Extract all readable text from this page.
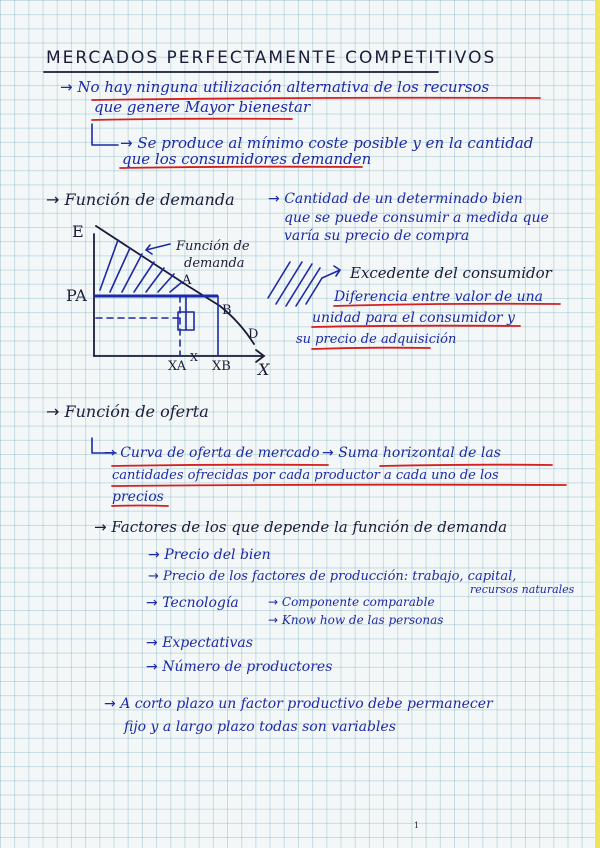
MERCADOS PERFECTAMENTE COMPETITIVOS
→ No hay ninguna utilización alternativa de los recursos
que genere Mayor bienestar
→ Se produce al mínimo coste posible y en la cantidad
que los consumidores demanden
→ Función de demanda → Cantidad de un determinado bien
que se puede consumir a medida que
varía su precio de compra
E
X
PA
Función de
demanda
A
B
D
XA
X
XB
Excedente del consumidor
Diferencia entre valor de una
unidad para el consumidor y
su precio de adquisición
→ Función de oferta
→ Curva de oferta de mercado → Suma horizontal de las
cantidades ofrecidas por cada productor a cada uno de los
precios
→ Factores de los que depende la función de demanda
→ Precio del bien
→ Precio de los factores de producción: trabajo, capital,
recursos naturales
→ Tecnología → Componente comparable
→ Know how de las personas
→ Expectativas
→ Número de productores
→ A corto plazo un factor productivo debe permanecer
fijo y a largo plazo todas son variables
1
